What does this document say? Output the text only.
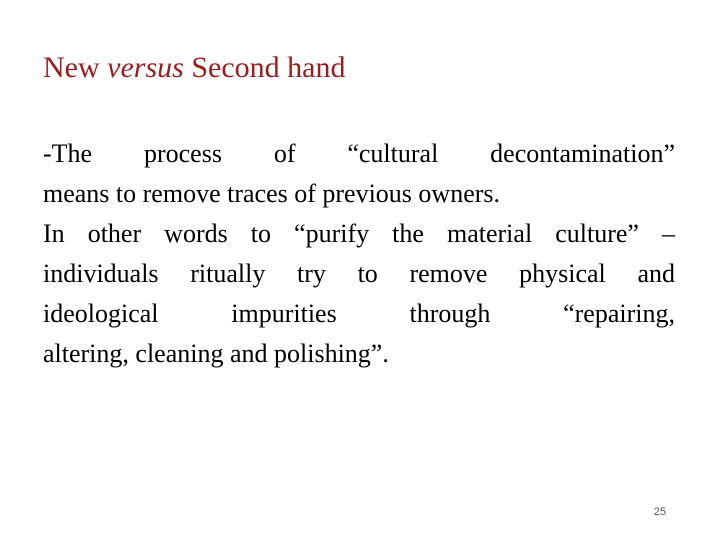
New versus Second hand
-The process of “cultural decontamination”
means to remove traces of previous owners.
In other words to “purify the material culture” –
individuals ritually try to remove physical and
ideological impurities through “repairing,
altering, cleaning and polishing”.
25
